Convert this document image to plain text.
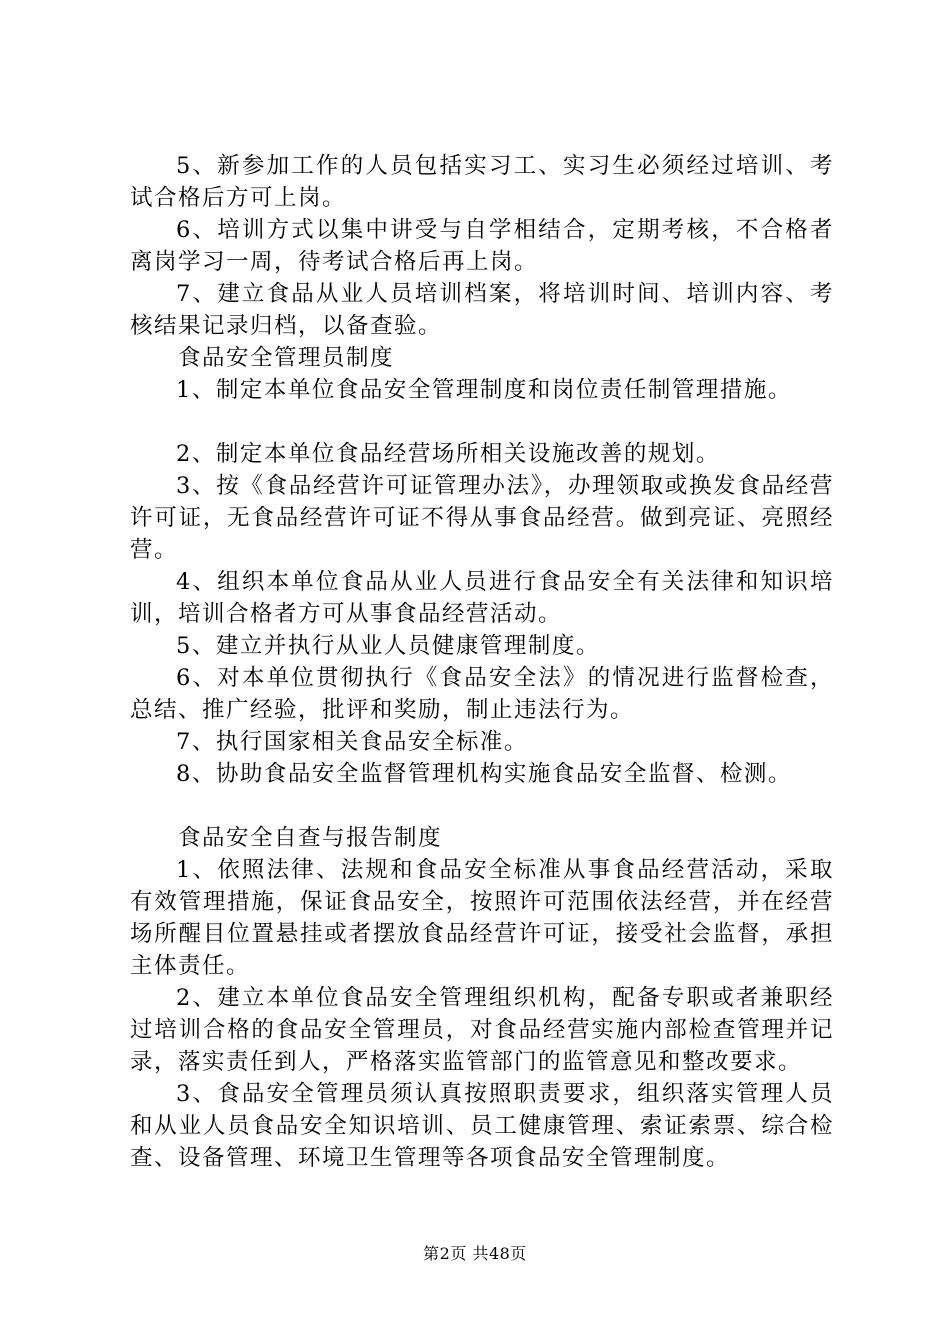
5、新参加工作的人员包括实习工、实习生必须经过培训、考试合格后方可上岗。

6、培训方式以集中讲受与自学相结合，定期考核，不合格者离岗学习一周，待考试合格后再上岗。

7、建立食品从业人员培训档案，将培训时间、培训内容、考核结果记录归档，以备查验。

食品安全管理员制度

1、制定本单位食品安全管理制度和岗位责任制管理措施。

2、制定本单位食品经营场所相关设施改善的规划。

3、按《食品经营许可证管理办法》，办理领取或换发食品经营许可证，无食品经营许可证不得从事食品经营。做到亮证、亮照经营。

4、组织本单位食品从业人员进行食品安全有关法律和知识培训，培训合格者方可从事食品经营活动。

5、建立并执行从业人员健康管理制度。

6、对本单位贯彻执行《食品安全法》的情况进行监督检查，总结、推广经验，批评和奖励，制止违法行为。

7、执行国家相关食品安全标准。

8、协助食品安全监督管理机构实施食品安全监督、检测。

食品安全自查与报告制度

1、依照法律、法规和食品安全标准从事食品经营活动，采取有效管理措施，保证食品安全，按照许可范围依法经营，并在经营场所醒目位置悬挂或者摆放食品经营许可证，接受社会监督，承担主体责任。

2、建立本单位食品安全管理组织机构，配备专职或者兼职经过培训合格的食品安全管理员，对食品经营实施内部检查管理并记录，落实责任到人，严格落实监管部门的监管意见和整改要求。

3、食品安全管理员须认真按照职责要求，组织落实管理人员和从业人员食品安全知识培训、员工健康管理、索证索票、综合检查、设备管理、环境卫生管理等各项食品安全管理制度。

第2页 共48页
